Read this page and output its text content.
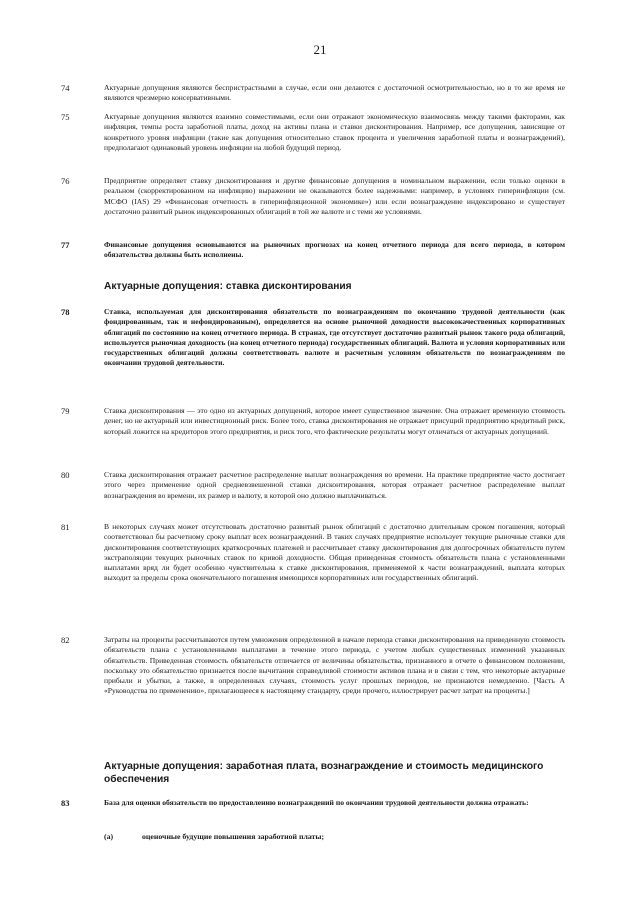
21
74	Актуарные допущения являются беспристрастными в случае, если они делаются с достаточной осмотрительностью, но в то же время не являются чрезмерно консервативными.
75	Актуарные допущения являются взаимно совместимыми, если они отражают экономическую взаимосвязь между такими факторами, как инфляция, темпы роста заработной платы, доход на активы плана и ставки дисконтирования. Например, все допущения, зависящие от конкретного уровня инфляции (такие как допущения относительно ставок процента и увеличения заработной платы и вознаграждений), предполагают одинаковый уровень инфляции на любой будущий период.
76	Предприятие определяет ставку дисконтирования и другие финансовые допущения в номинальном выражении, если только оценки в реальном (скорректированном на инфляцию) выражении не оказываются более надежными: например, в условиях гиперинфляции (см. МСФО (IAS) 29 «Финансовая отчетность в гиперинфляционной экономике») или если вознаграждение индексировано и существует достаточно развитый рынок индексированных облигаций в той же валюте и с теми же условиями.
77	Финансовые допущения основываются на рыночных прогнозах на конец отчетного периода для всего периода, в котором обязательства должны быть исполнены.
Актуарные допущения: ставка дисконтирования
78	Ставка, используемая для дисконтирования обязательств по вознаграждениям по окончанию трудовой деятельности (как фондированным, так и нефондированным), определяется на основе рыночной доходности высококачественных корпоративных облигаций по состоянию на конец отчетного периода. В странах, где отсутствует достаточно развитый рынок такого рода облигаций, используется рыночная доходность (на конец отчетного периода) государственных облигаций. Валюта и условия корпоративных или государственных облигаций должны соответствовать валюте и расчетным условиям обязательств по вознаграждениям по окончании трудовой деятельности.
79	Ставка дисконтирования — это одно из актуарных допущений, которое имеет существенное значение. Она отражает временную стоимость денег, но не актуарный или инвестиционный риск. Более того, ставка дисконтирования не отражает присущий предприятию кредитный риск, который ложится на кредиторов этого предприятия, и риск того, что фактические результаты могут отличаться от актуарных допущений.
80	Ставка дисконтирования отражает расчетное распределение выплат вознаграждения во времени. На практике предприятие часто достигает этого через применение одной средневзвешенной ставки дисконтирования, которая отражает расчетное распределение выплат вознаграждения во времени, их размер и валюту, в которой оно должно выплачиваться.
81	В некоторых случаях может отсутствовать достаточно развитый рынок облигаций с достаточно длительным сроком погашения, который соответствовал бы расчетному сроку выплат всех вознаграждений. В таких случаях предприятие использует текущие рыночные ставки для дисконтирования соответствующих краткосрочных платежей и рассчитывает ставку дисконтирования для долгосрочных обязательств путем экстраполяции текущих рыночных ставок по кривой доходности. Общая приведенная стоимость обязательств плана с установленными выплатами вряд ли будет особенно чувствительна к ставке дисконтирования, применяемой к части вознаграждений, выплата которых выходит за пределы срока окончательного погашения имеющихся корпоративных или государственных облигаций.
82	Затраты на проценты рассчитываются путем умножения определенной в начале периода ставки дисконтирования на приведенную стоимость обязательств плана с установленными выплатами в течение этого периода, с учетом любых существенных изменений указанных обязательств. Приведенная стоимость обязательств отличается от величины обязательства, признанного в отчете о финансовом положении, поскольку это обязательство признается после вычитания справедливой стоимости активов плана и в связи с тем, что некоторые актуарные прибыли и убытки, а также, в определенных случаях, стоимость услуг прошлых периодов, не признаются немедленно. [Часть A «Руководства по применению», прилагающееся к настоящему стандарту, среди прочего, иллюстрирует расчет затрат на проценты.]
Актуарные допущения: заработная плата, вознаграждение и стоимость медицинского обеспечения
83	База для оценки обязательств по предоставлению вознаграждений по окончании трудовой деятельности должна отражать:
(a)	оценочные будущие повышения заработной платы;
